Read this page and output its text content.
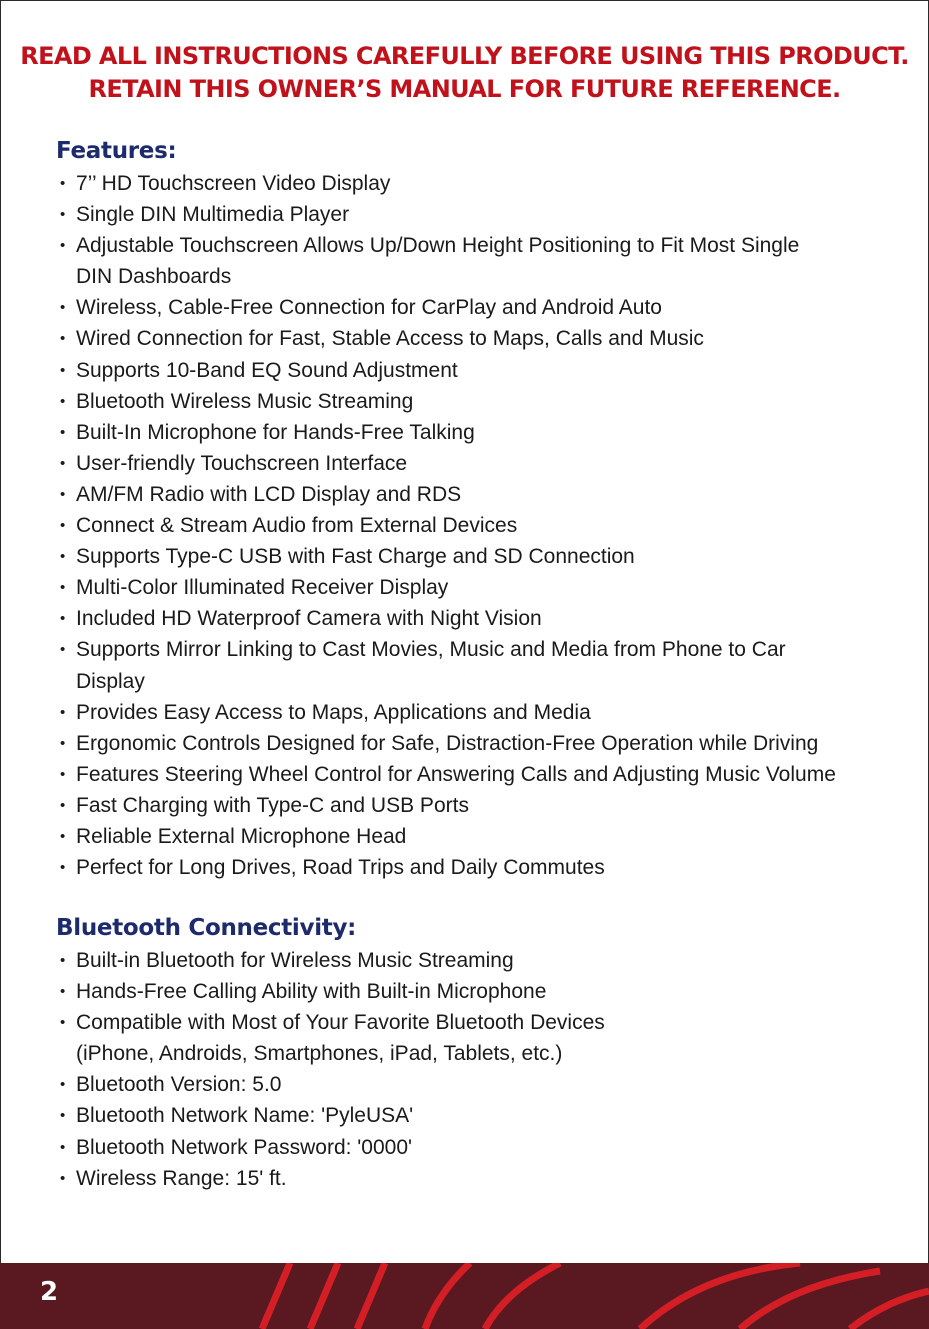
READ ALL INSTRUCTIONS CAREFULLY BEFORE USING THIS PRODUCT.
RETAIN THIS OWNER’S MANUAL FOR FUTURE REFERENCE.
Features:
• 7’’ HD Touchscreen Video Display
• Single DIN Multimedia Player
• Adjustable Touchscreen Allows Up/Down Height Positioning to Fit Most Single
DIN Dashboards
• Wireless, Cable-Free Connection for CarPlay and Android Auto
• Wired Connection for Fast, Stable Access to Maps, Calls and Music
• Supports 10-Band EQ Sound Adjustment
• Bluetooth Wireless Music Streaming
• Built-In Microphone for Hands-Free Talking
• User-friendly Touchscreen Interface
• AM/FM Radio with LCD Display and RDS
• Connect & Stream Audio from External Devices
• Supports Type-C USB with Fast Charge and SD Connection
• Multi-Color Illuminated Receiver Display
• Included HD Waterproof Camera with Night Vision
• Supports Mirror Linking to Cast Movies, Music and Media from Phone to Car
Display
• Provides Easy Access to Maps, Applications and Media
• Ergonomic Controls Designed for Safe, Distraction-Free Operation while Driving
• Features Steering Wheel Control for Answering Calls and Adjusting Music Volume
• Fast Charging with Type-C and USB Ports
• Reliable External Microphone Head
• Perfect for Long Drives, Road Trips and Daily Commutes
Bluetooth Connectivity:
• Built-in Bluetooth for Wireless Music Streaming
• Hands-Free Calling Ability with Built-in Microphone
• Compatible with Most of Your Favorite Bluetooth Devices
(iPhone, Androids, Smartphones, iPad, Tablets, etc.)
• Bluetooth Version: 5.0
• Bluetooth Network Name: 'PyleUSA'
• Bluetooth Network Password: '0000'
• Wireless Range: 15' ft.
2
